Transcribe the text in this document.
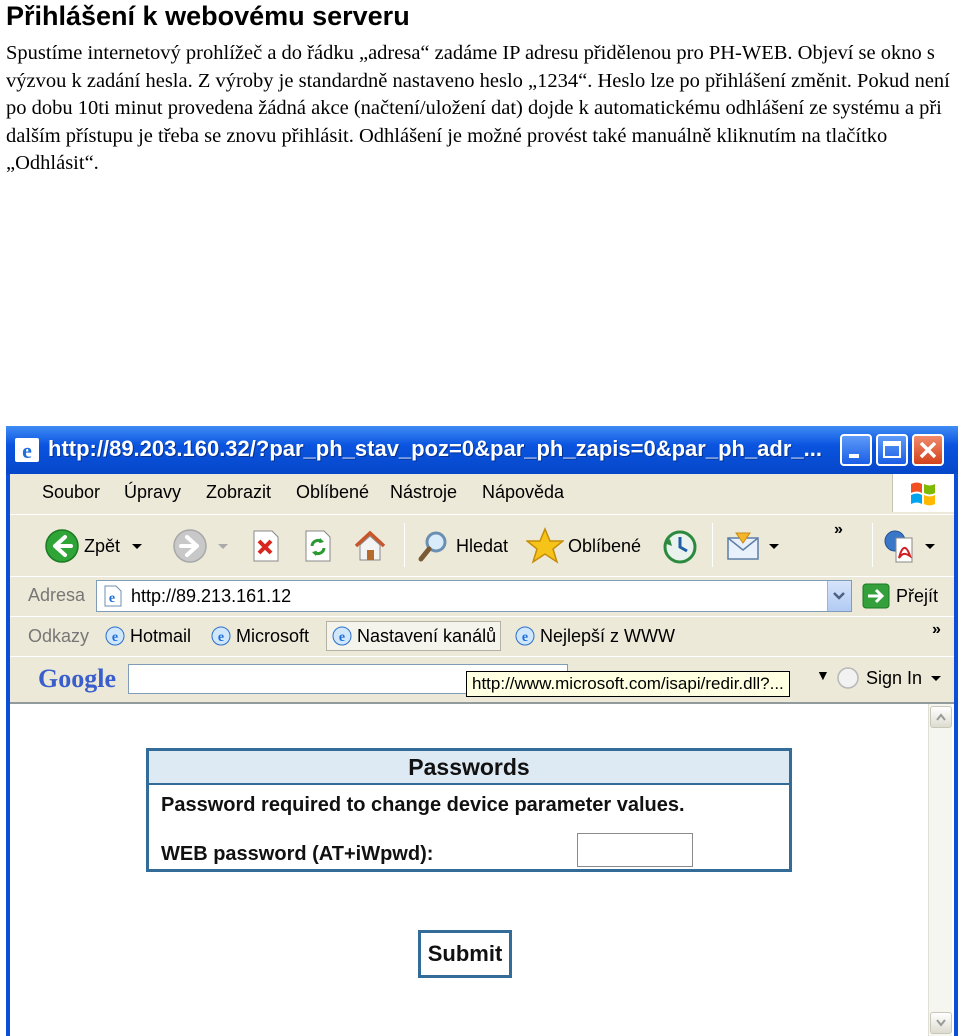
Přihlášení k webovému serveru
Spustíme internetový prohlížeč a do řádku „adresa“ zadáme IP adresu přidělenou pro PH-WEB. Objeví se okno s výzvou k zadání hesla. Z výroby je standardně nastaveno heslo „1234“. Heslo lze po přihlášení změnit. Pokud není po dobu 10ti minut provedena žádná akce (načtení/uložení dat) dojde k automatickému odhlášení ze systému a při dalším přístupu je třeba se znovu přihlásit. Odhlášení je možné provést také manuálně kliknutím na tlačítko „Odhlásit“.
e http://89.203.160.32/?par_ph_stav_poz=0&par_ph_zapis=0&par_ph_adr_...
Soubor Úpravy Zobrazit Oblíbené Nástroje Nápověda
Zpět	Hledat	Oblíbené
»
Adresa e http://89.213.161.12	Přejít
Odkazy e Hotmail e Microsoft e Nastavení kanálů e Nejlepší z WWW	»
Google	http://www.microsoft.com/isapi/redir.dll?...	▼ Sign In
Passwords
Password required to change device parameter values.
WEB password (AT+iWpwd):
Submit
